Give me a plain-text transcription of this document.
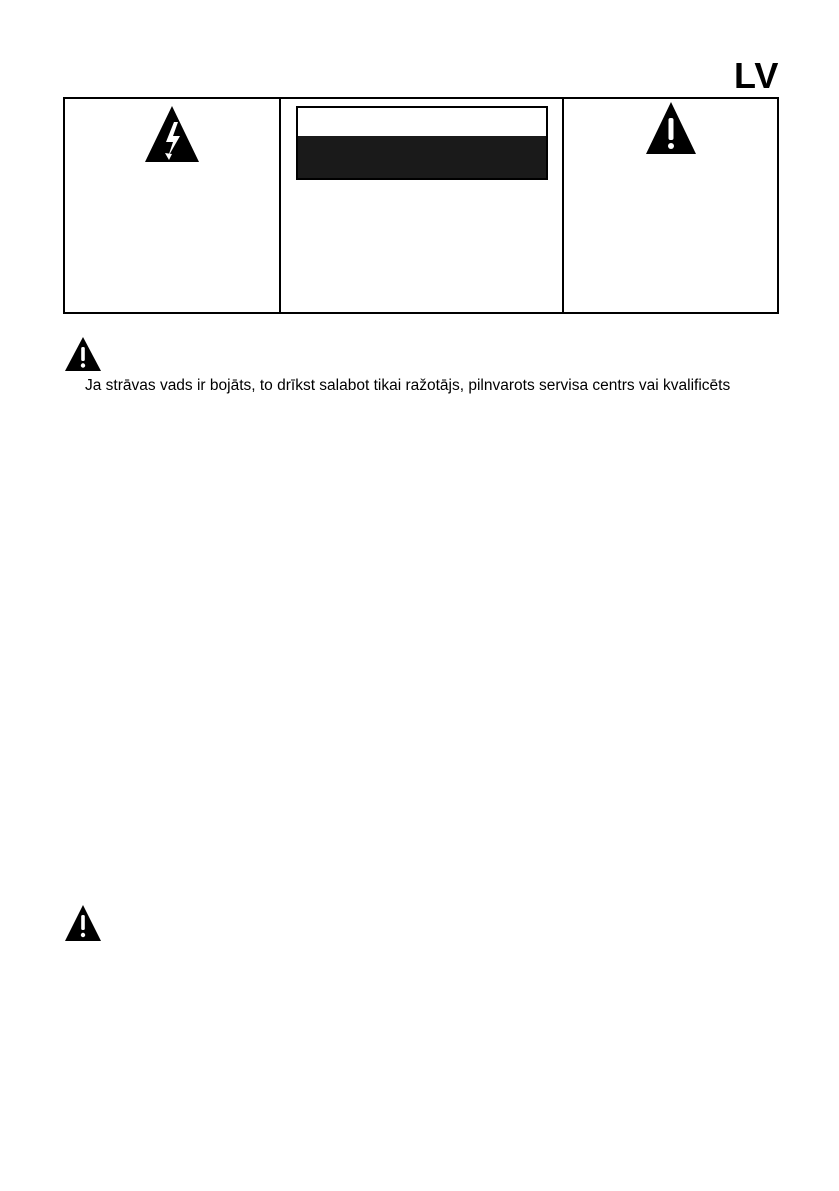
LV
Ja strāvas vads ir bojāts, to drīkst salabot tikai ražotājs, pilnvarots servisa centrs vai kvalificēts
